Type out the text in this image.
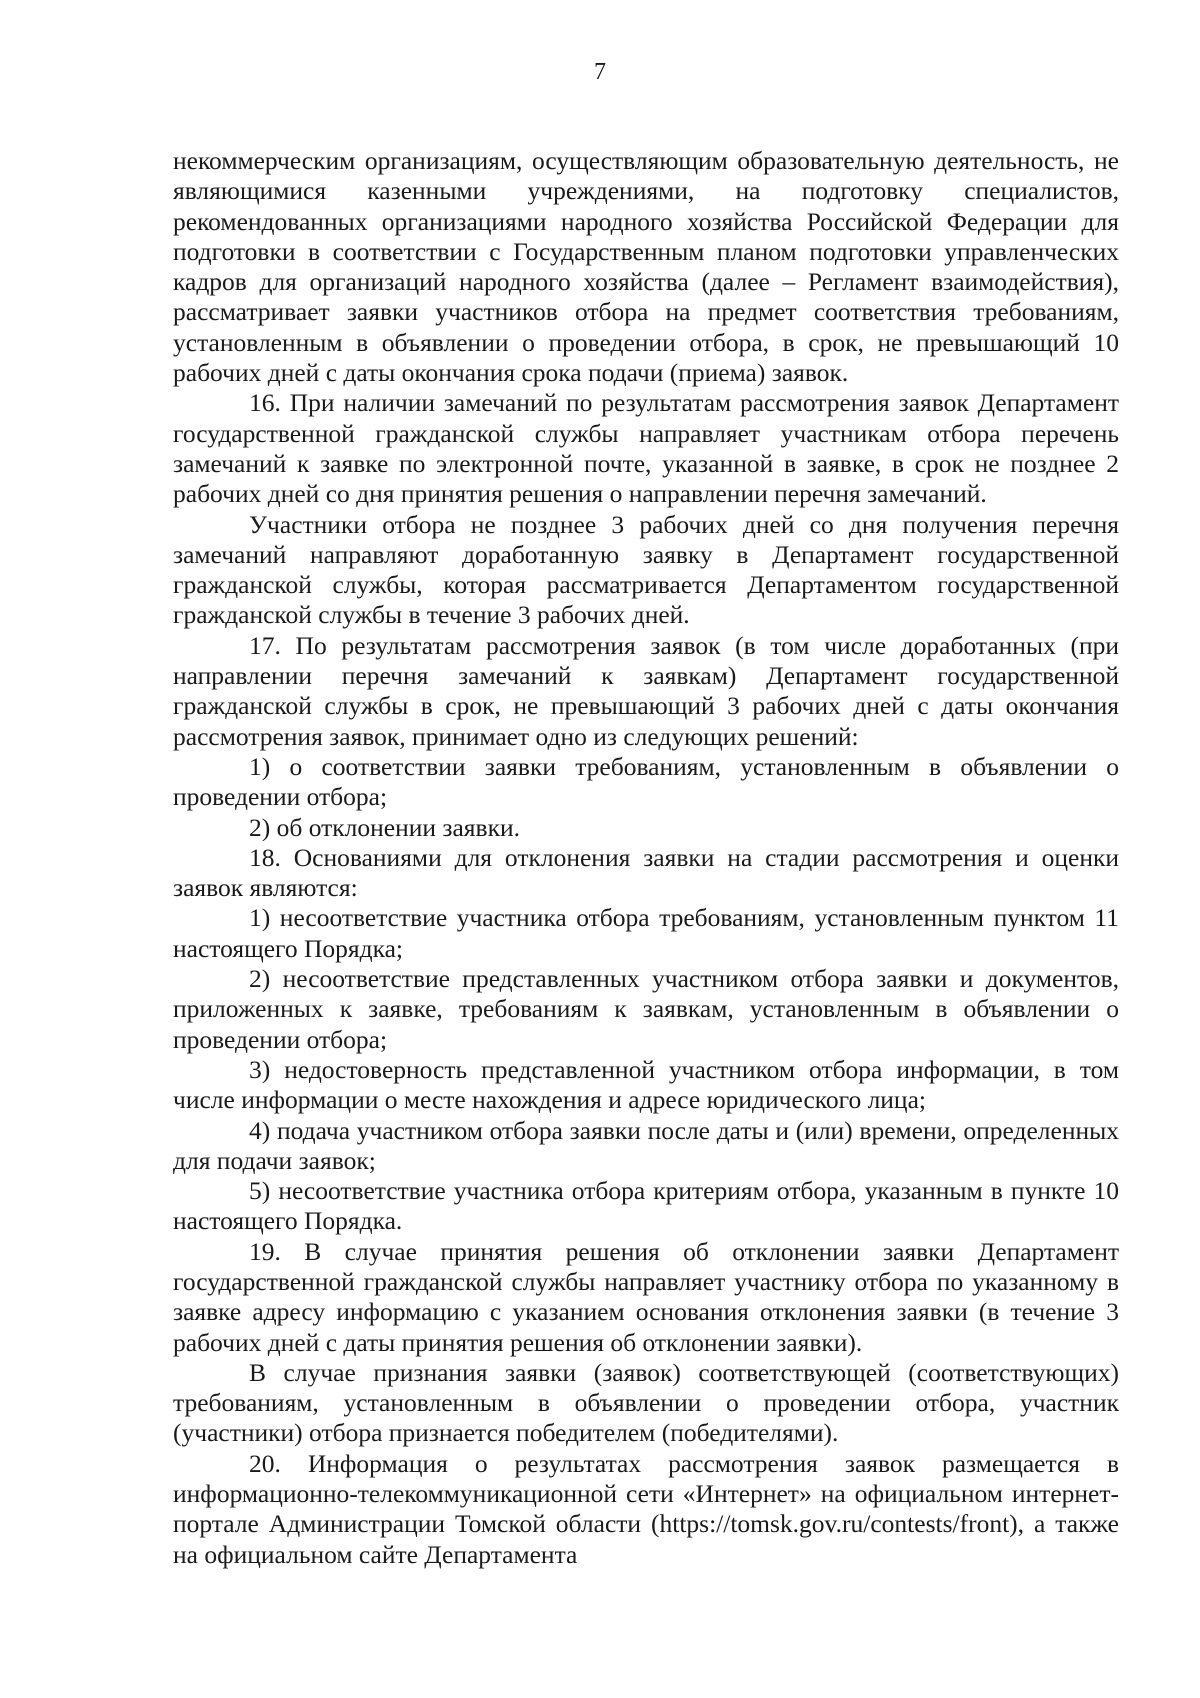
7

некоммерческим организациям, осуществляющим образовательную деятельность, не являющимися казенными учреждениями, на подготовку специалистов, рекомендованных организациями народного хозяйства Российской Федерации для подготовки в соответствии с Государственным планом подготовки управленческих кадров для организаций народного хозяйства (далее – Регламент взаимодействия), рассматривает заявки участников отбора на предмет соответствия требованиям, установленным в объявлении о проведении отбора, в срок, не превышающий 10 рабочих дней с даты окончания срока подачи (приема) заявок.

16. При наличии замечаний по результатам рассмотрения заявок Департамент государственной гражданской службы направляет участникам отбора перечень замечаний к заявке по электронной почте, указанной в заявке, в срок не позднее 2 рабочих дней со дня принятия решения о направлении перечня замечаний.

Участники отбора не позднее 3 рабочих дней со дня получения перечня замечаний направляют доработанную заявку в Департамент государственной гражданской службы, которая рассматривается Департаментом государственной гражданской службы в течение 3 рабочих дней.

17. По результатам рассмотрения заявок (в том числе доработанных (при направлении перечня замечаний к заявкам) Департамент государственной гражданской службы в срок, не превышающий 3 рабочих дней с даты окончания рассмотрения заявок, принимает одно из следующих решений:

1) о соответствии заявки требованиям, установленным в объявлении о проведении отбора;

2) об отклонении заявки.

18. Основаниями для отклонения заявки на стадии рассмотрения и оценки заявок являются:

1) несоответствие участника отбора требованиям, установленным пунктом 11 настоящего Порядка;

2) несоответствие представленных участником отбора заявки и документов, приложенных к заявке, требованиям к заявкам, установленным в объявлении о проведении отбора;

3) недостоверность представленной участником отбора информации, в том числе информации о месте нахождения и адресе юридического лица;

4) подача участником отбора заявки после даты и (или) времени, определенных для подачи заявок;

5) несоответствие участника отбора критериям отбора, указанным в пункте 10 настоящего Порядка.

19. В случае принятия решения об отклонении заявки Департамент государственной гражданской службы направляет участнику отбора по указанному в заявке адресу информацию с указанием основания отклонения заявки (в течение 3 рабочих дней с даты принятия решения об отклонении заявки).

В случае признания заявки (заявок) соответствующей (соответствующих) требованиям, установленным в объявлении о проведении отбора, участник (участники) отбора признается победителем (победителями).

20. Информация о результатах рассмотрения заявок размещается в информационно-телекоммуникационной сети «Интернет» на официальном интернет-портале Администрации Томской области (https://tomsk.gov.ru/contests/front), а также на официальном сайте Департамента
